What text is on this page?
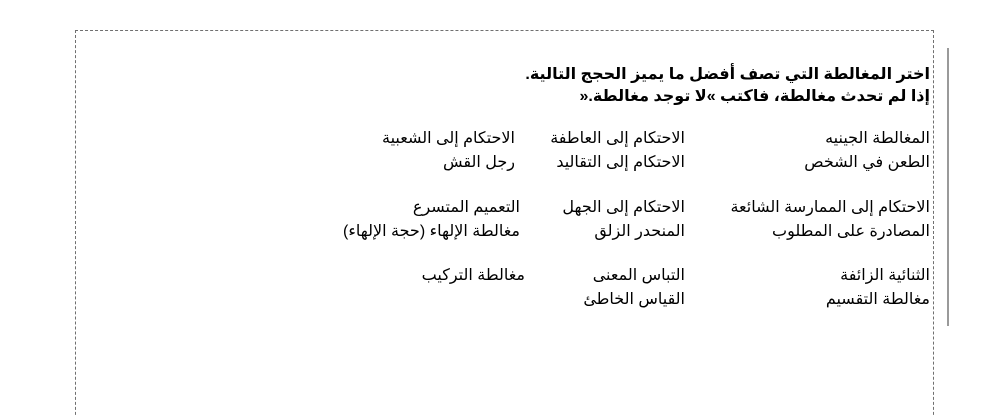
اختر المغالطة التي تصف أفضل ما يميز الحجج التالية.
إذا لم تحدث مغالطة، فاكتب »لا توجد مغالطة.«
المغالطة الجينيه
الاحتكام إلى العاطفة
الاحتكام إلى الشعبية
الطعن في الشخص
الاحتكام إلى التقاليد
رجل القش
الاحتكام إلى الممارسة الشائعة
الاحتكام إلى الجهل
التعميم المتسرع
المصادرة على المطلوب
المنحدر الزلق
مغالطة الإلهاء (حجة الإلهاء)
الثنائية الزائفة
التباس المعنى
مغالطة التركيب
مغالطة التقسيم
القياس الخاطئ
